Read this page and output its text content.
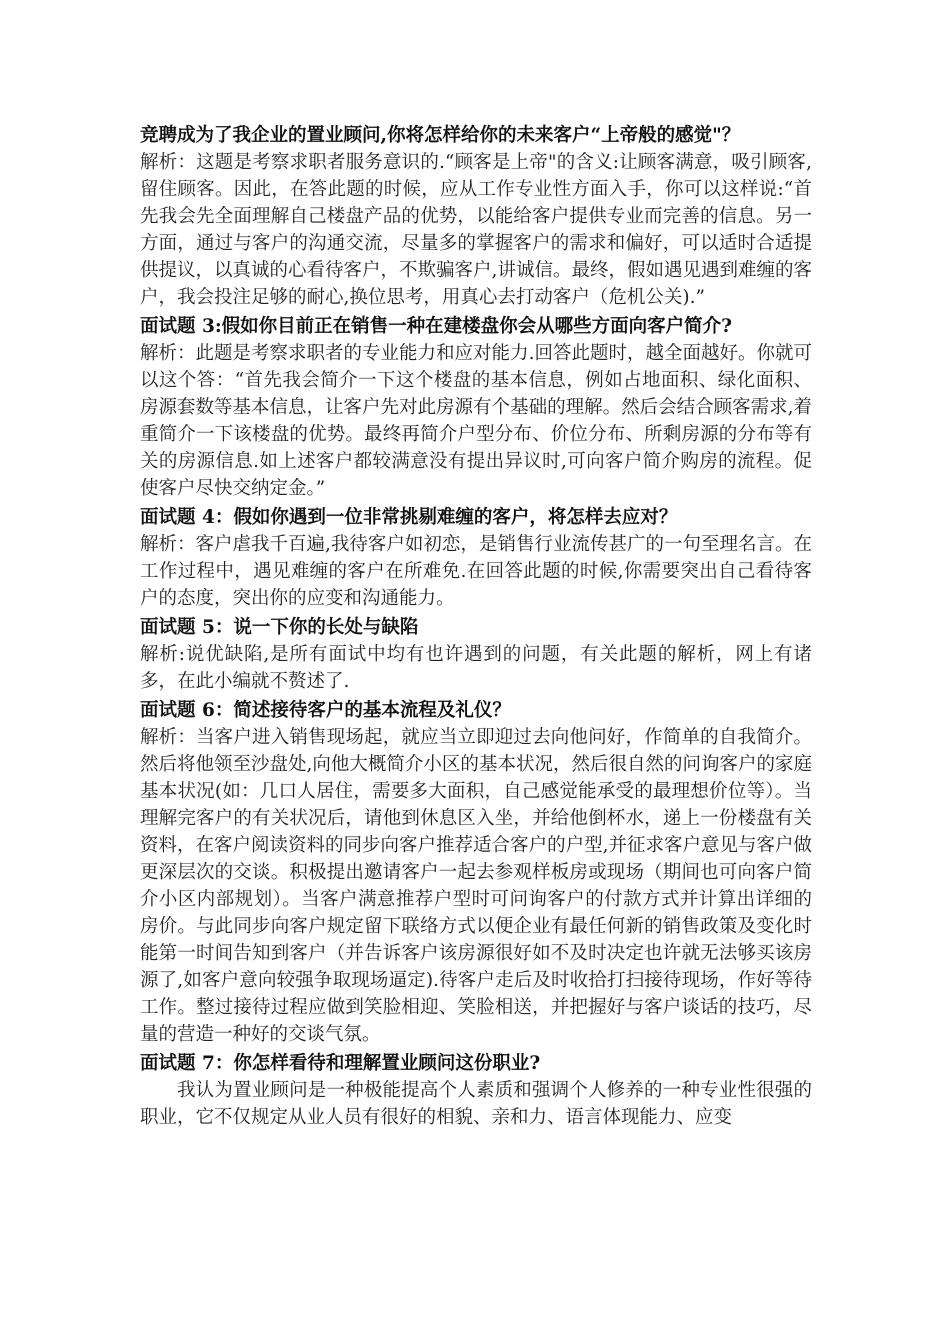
竞聘成为了我企业的置业顾问,你将怎样给你的未来客户“上帝般的感觉"？

解析：这题是考察求职者服务意识的.“顾客是上帝"的含义:让顾客满意，吸引顾客,留住顾客。因此，在答此题的时候，应从工作专业性方面入手，你可以这样说:“首先我会先全面理解自己楼盘产品的优势，以能给客户提供专业而完善的信息。另一方面，通过与客户的沟通交流，尽量多的掌握客户的需求和偏好，可以适时合适提供提议，以真诚的心看待客户，不欺骗客户,讲诚信。最终，假如遇见遇到难缠的客户，我会投注足够的耐心,换位思考，用真心去打动客户（危机公关).”

面试题 3:假如你目前正在销售一种在建楼盘你会从哪些方面向客户简介?

解析：此题是考察求职者的专业能力和应对能力.回答此题时，越全面越好。你就可以这个答：“首先我会简介一下这个楼盘的基本信息，例如占地面积、绿化面积、房源套数等基本信息，让客户先对此房源有个基础的理解。然后会结合顾客需求,着重简介一下该楼盘的优势。最终再简介户型分布、价位分布、所剩房源的分布等有关的房源信息.如上述客户都较满意没有提出异议时,可向客户简介购房的流程。促使客户尽快交纳定金。”

面试题 4：假如你遇到一位非常挑剔难缠的客户，将怎样去应对？

解析：客户虐我千百遍,我待客户如初恋，是销售行业流传甚广的一句至理名言。在工作过程中，遇见难缠的客户在所难免.在回答此题的时候,你需要突出自己看待客户的态度，突出你的应变和沟通能力。

面试题 5：说一下你的长处与缺陷

解析:说优缺陷,是所有面试中均有也许遇到的问题，有关此题的解析，网上有诸多，在此小编就不赘述了.

面试题 6：简述接待客户的基本流程及礼仪？

解析：当客户进入销售现场起，就应当立即迎过去向他问好，作简单的自我简介。然后将他领至沙盘处,向他大概简介小区的基本状况，然后很自然的问询客户的家庭基本状况(如：几口人居住，需要多大面积，自己感觉能承受的最理想价位等）。当理解完客户的有关状况后，请他到休息区入坐，并给他倒杯水，递上一份楼盘有关资料，在客户阅读资料的同步向客户推荐适合客户的户型,并征求客户意见与客户做更深层次的交谈。积极提出邀请客户一起去参观样板房或现场（期间也可向客户简介小区内部规划）。当客户满意推荐户型时可问询客户的付款方式并计算出详细的房价。与此同步向客户规定留下联络方式以便企业有最任何新的销售政策及变化时能第一时间告知到客户（并告诉客户该房源很好如不及时决定也许就无法够买该房源了,如客户意向较强争取现场逼定).待客户走后及时收拾打扫接待现场，作好等待工作。整过接待过程应做到笑脸相迎、笑脸相送，并把握好与客户谈话的技巧，尽量的营造一种好的交谈气氛。

面试题 7：你怎样看待和理解置业顾问这份职业?

我认为置业顾问是一种极能提高个人素质和强调个人修养的一种专业性很强的职业，它不仅规定从业人员有很好的相貌、亲和力、语言体现能力、应变
